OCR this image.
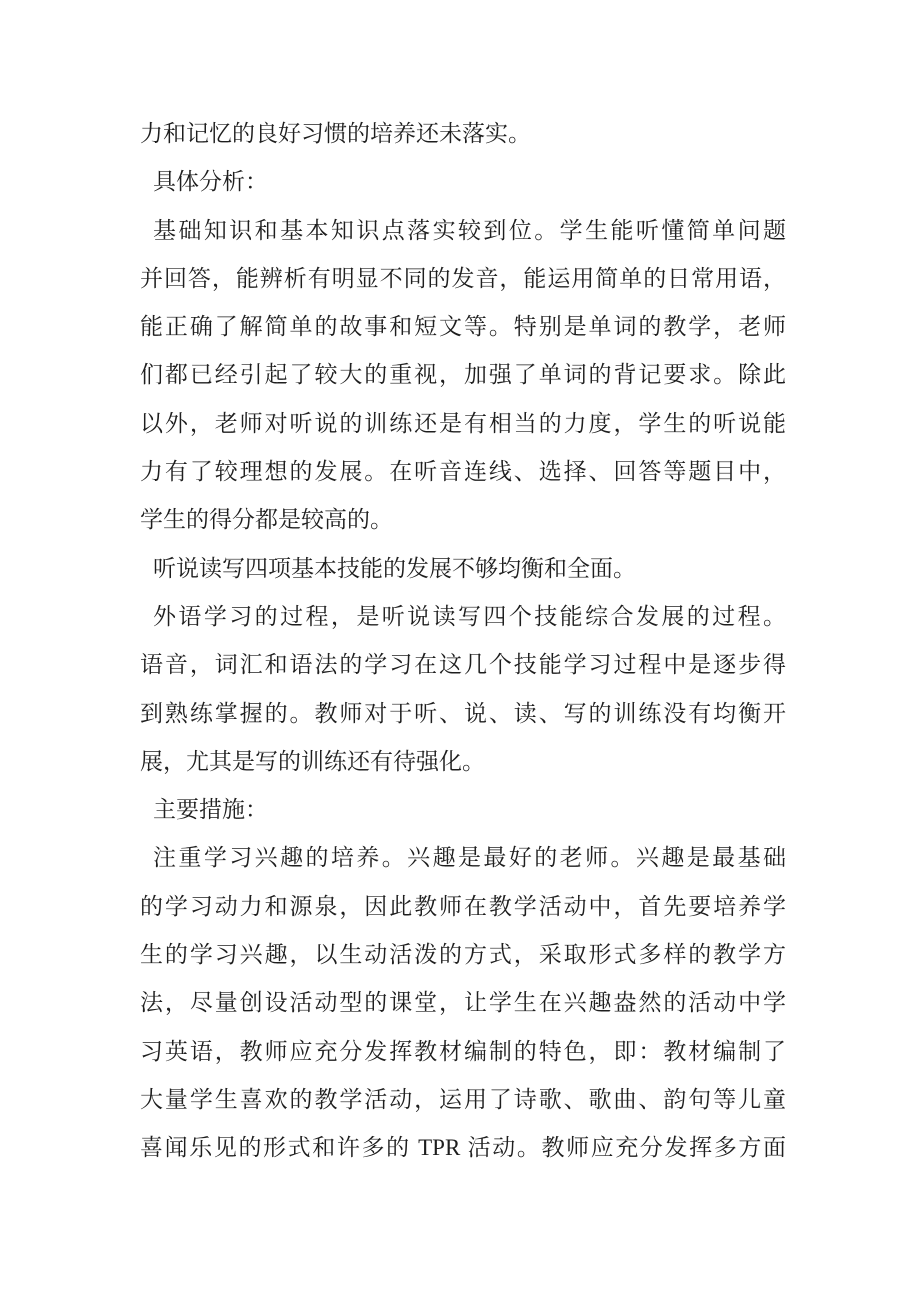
力和记忆的良好习惯的培养还未落实。
具体分析：
基础知识和基本知识点落实较到位。学生能听懂简单问题
并回答，能辨析有明显不同的发音，能运用简单的日常用语，
能正确了解简单的故事和短文等。特别是单词的教学，老师
们都已经引起了较大的重视，加强了单词的背记要求。除此
以外，老师对听说的训练还是有相当的力度，学生的听说能
力有了较理想的发展。在听音连线、选择、回答等题目中，
学生的得分都是较高的。
听说读写四项基本技能的发展不够均衡和全面。
外语学习的过程，是听说读写四个技能综合发展的过程。
语音，词汇和语法的学习在这几个技能学习过程中是逐步得
到熟练掌握的。教师对于听、说、读、写的训练没有均衡开
展，尤其是写的训练还有待强化。
主要措施：
注重学习兴趣的培养。兴趣是最好的老师。兴趣是最基础
的学习动力和源泉，因此教师在教学活动中，首先要培养学
生的学习兴趣，以生动活泼的方式，采取形式多样的教学方
法，尽量创设活动型的课堂，让学生在兴趣盎然的活动中学
习英语，教师应充分发挥教材编制的特色，即：教材编制了
大量学生喜欢的教学活动，运用了诗歌、歌曲、韵句等儿童
喜闻乐见的形式和许多的 TPR 活动。教师应充分发挥多方面
